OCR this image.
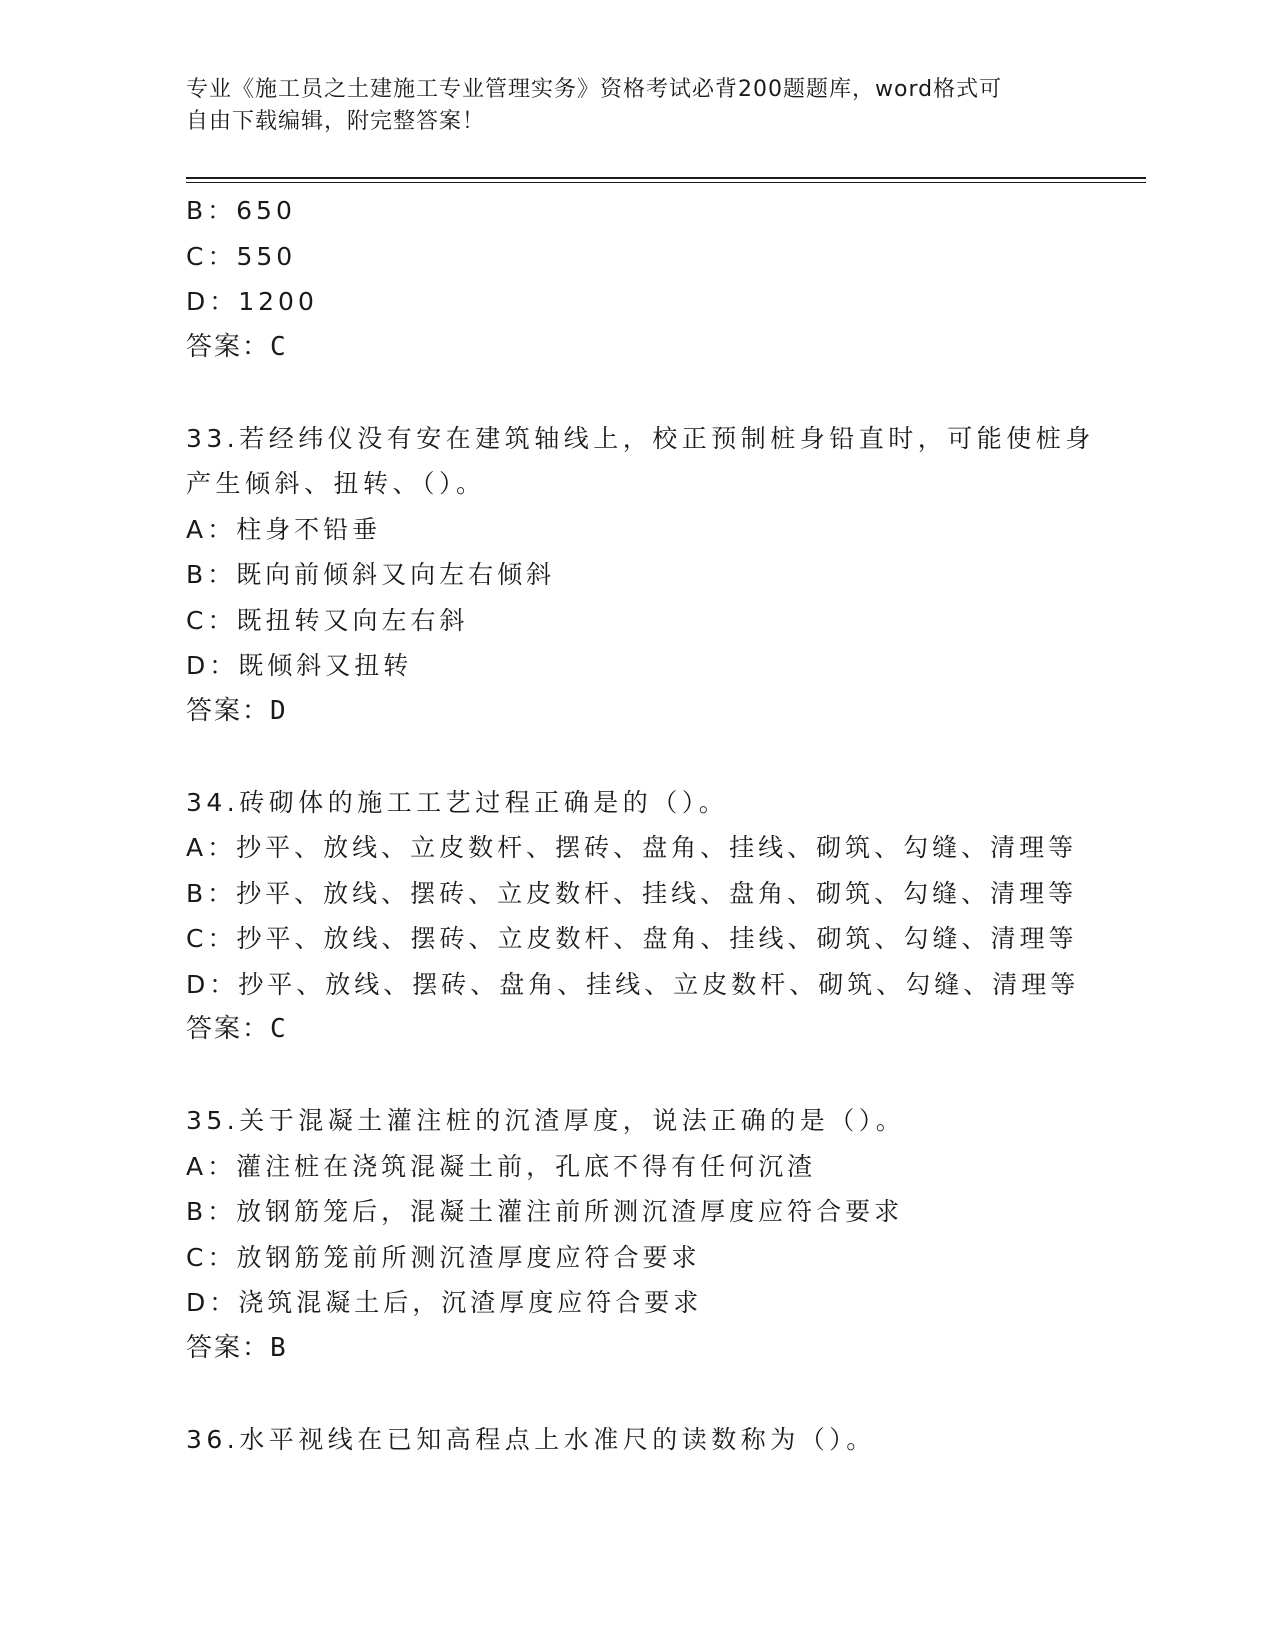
专业《施工员之土建施工专业管理实务》资格考试必背200题题库，word格式可
自由下载编辑，附完整答案！
B：650
C：550
D：1200
答案：C
33.若经纬仪没有安在建筑轴线上，校正预制桩身铅直时，可能使桩身
产生倾斜、扭转、（）。
A：柱身不铅垂
B：既向前倾斜又向左右倾斜
C：既扭转又向左右斜
D：既倾斜又扭转
答案：D
34.砖砌体的施工工艺过程正确是的（）。
A：抄平、放线、立皮数杆、摆砖、盘角、挂线、砌筑、勾缝、清理等
B：抄平、放线、摆砖、立皮数杆、挂线、盘角、砌筑、勾缝、清理等
C：抄平、放线、摆砖、立皮数杆、盘角、挂线、砌筑、勾缝、清理等
D：抄平、放线、摆砖、盘角、挂线、立皮数杆、砌筑、勾缝、清理等
答案：C
35.关于混凝土灌注桩的沉渣厚度，说法正确的是（）。
A：灌注桩在浇筑混凝土前，孔底不得有任何沉渣
B：放钢筋笼后，混凝土灌注前所测沉渣厚度应符合要求
C：放钢筋笼前所测沉渣厚度应符合要求
D：浇筑混凝土后，沉渣厚度应符合要求
答案：B
36.水平视线在已知高程点上水准尺的读数称为（）。
